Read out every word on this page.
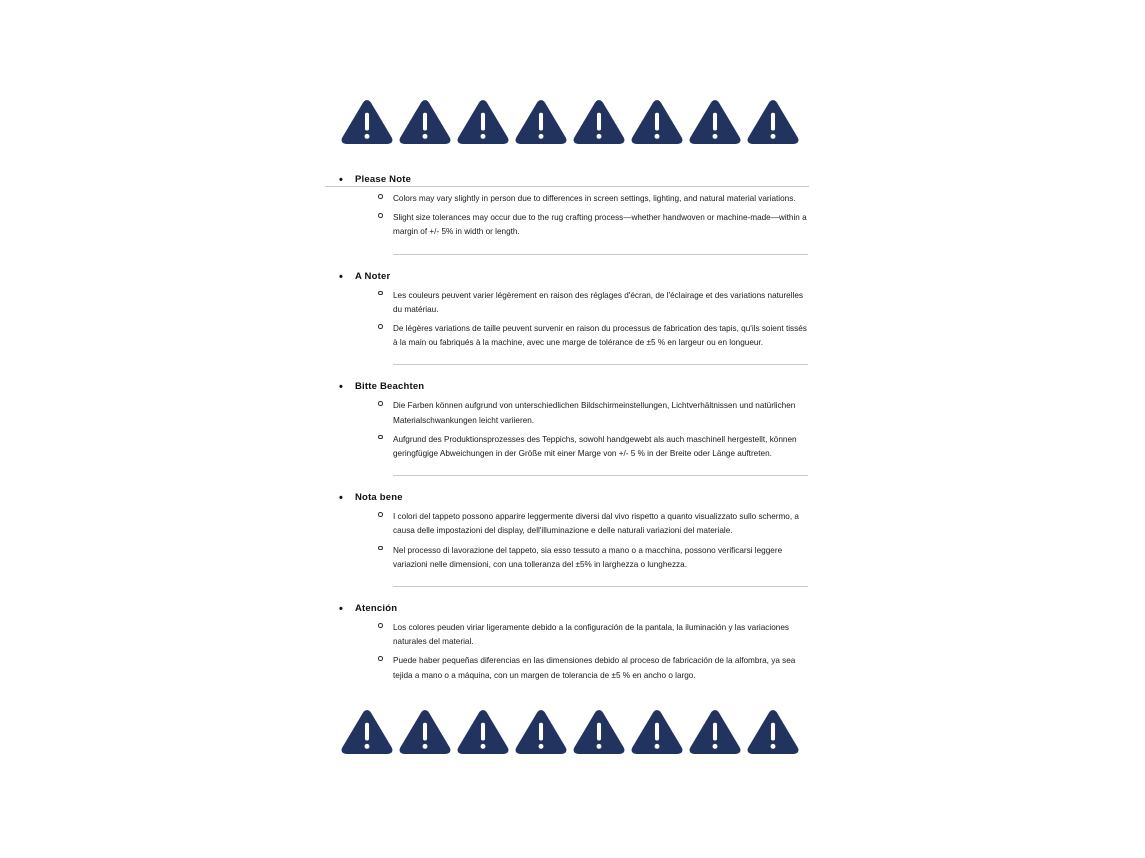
• Please Note
Colors may vary slightly in person due to differences in screen settings, lighting, and natural material variations.
Slight size tolerances may occur due to the rug crafting process—whether handwoven or machine-made—within a margin of +/- 5% in width or length.
• A Noter
Les couleurs peuvent varier légèrement en raison des réglages d'écran, de l'éclairage et des variations naturelles du matériau.
De légères variations de taille peuvent survenir en raison du processus de fabrication des tapis, qu'ils soient tissés à la main ou fabriqués à la machine, avec une marge de tolérance de ±5 % en largeur ou en longueur.
• Bitte Beachten
Die Farben können aufgrund von unterschiedlichen Bildschirmeinstellungen, Lichtverhältnissen und natürlichen Materialschwankungen leicht variieren.
Aufgrund des Produktionsprozesses des Teppichs, sowohl handgewebt als auch maschinell hergestellt, können geringfügige Abweichungen in der Größe mit einer Marge von +/- 5 % in der Breite oder Länge auftreten.
• Nota bene
I colori del tappeto possono apparire leggermente diversi dal vivo rispetto a quanto visualizzato sullo schermo, a causa delle impostazioni del display, dell'illuminazione e delle naturali variazioni del materiale.
Nel processo di lavorazione del tappeto, sia esso tessuto a mano o a macchina, possono verificarsi leggere variazioni nelle dimensioni, con una tolleranza del ±5% in larghezza o lunghezza.
• Atención
Los colores peuden viriar ligeramente debido a la configuración de la pantala, la iluminación y las variaciones naturales del material.
Puede haber pequeñas diferencias en las dimensiones debido al proceso de fabricación de la alfombra, ya sea tejida a mano o a máquina, con un margen de tolerancia de ±5 % en ancho o largo.
